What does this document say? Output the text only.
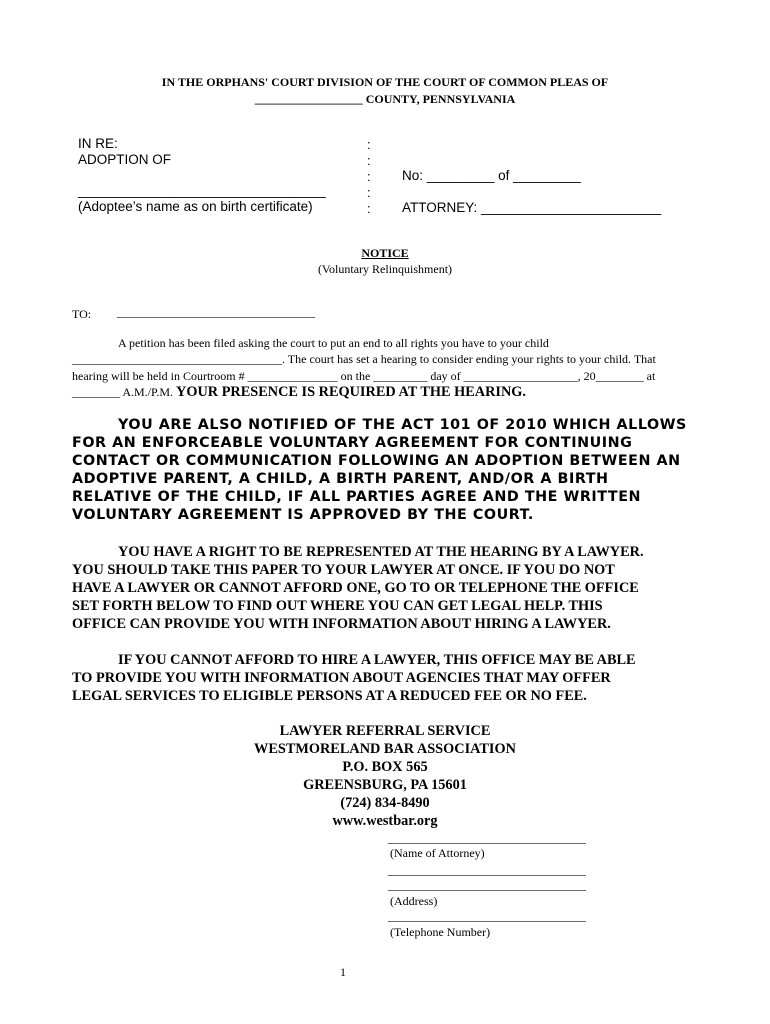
IN THE ORPHANS' COURT DIVISION OF THE COURT OF COMMON PLEAS OF
__________________ COUNTY, PENNSYLVANIA
IN RE:
ADOPTION OF
_________________________________
(Adoptee’s name as on birth certificate)
:
:
:
:
:
No: _________ of _________
ATTORNEY: ________________________
NOTICE
(Voluntary Relinquishment)
TO: _________________________________
A petition has been filed asking the court to put an end to all rights you have to your child
___________________________________. The court has set a hearing to consider ending your rights to your child. That
hearing will be held in Courtroom # _______________ on the _________ day of ___________________, 20________ at
________ A.M./P.M. YOUR PRESENCE IS REQUIRED AT THE HEARING.
YOU ARE ALSO NOTIFIED OF THE ACT 101 OF 2010 WHICH ALLOWS
FOR AN ENFORCEABLE VOLUNTARY AGREEMENT FOR CONTINUING
CONTACT OR COMMUNICATION FOLLOWING AN ADOPTION BETWEEN AN
ADOPTIVE PARENT, A CHILD, A BIRTH PARENT, AND/OR A BIRTH
RELATIVE OF THE CHILD, IF ALL PARTIES AGREE AND THE WRITTEN
VOLUNTARY AGREEMENT IS APPROVED BY THE COURT.
YOU HAVE A RIGHT TO BE REPRESENTED AT THE HEARING BY A LAWYER.
YOU SHOULD TAKE THIS PAPER TO YOUR LAWYER AT ONCE. IF YOU DO NOT
HAVE A LAWYER OR CANNOT AFFORD ONE, GO TO OR TELEPHONE THE OFFICE
SET FORTH BELOW TO FIND OUT WHERE YOU CAN GET LEGAL HELP. THIS
OFFICE CAN PROVIDE YOU WITH INFORMATION ABOUT HIRING A LAWYER.
IF YOU CANNOT AFFORD TO HIRE A LAWYER, THIS OFFICE MAY BE ABLE
TO PROVIDE YOU WITH INFORMATION ABOUT AGENCIES THAT MAY OFFER
LEGAL SERVICES TO ELIGIBLE PERSONS AT A REDUCED FEE OR NO FEE.
LAWYER REFERRAL SERVICE
WESTMORELAND BAR ASSOCIATION
P.O. BOX 565
GREENSBURG, PA 15601
(724) 834-8490
www.westbar.org
_________________________________
(Name of Attorney)
_________________________________
_________________________________
(Address)
_________________________________
(Telephone Number)
1
